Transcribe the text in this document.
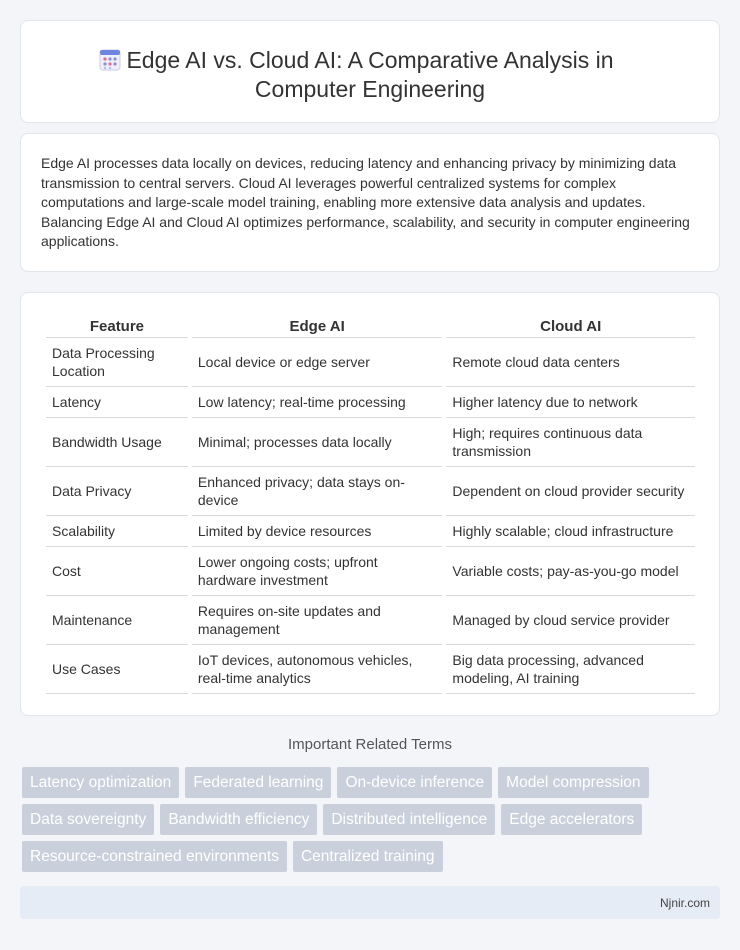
Edge AI vs. Cloud AI: A Comparative Analysis in
Computer Engineering

Edge AI processes data locally on devices, reducing latency and enhancing privacy by minimizing data transmission to central servers. Cloud AI leverages powerful centralized systems for complex computations and large-scale model training, enabling more extensive data analysis and updates. Balancing Edge AI and Cloud AI optimizes performance, scalability, and security in computer engineering applications.

Feature	Edge AI	Cloud AI
Data Processing Location	Local device or edge server	Remote cloud data centers
Latency	Low latency; real-time processing	Higher latency due to network
Bandwidth Usage	Minimal; processes data locally	High; requires continuous data transmission
Data Privacy	Enhanced privacy; data stays on-device	Dependent on cloud provider security
Scalability	Limited by device resources	Highly scalable; cloud infrastructure
Cost	Lower ongoing costs; upfront hardware investment	Variable costs; pay-as-you-go model
Maintenance	Requires on-site updates and management	Managed by cloud service provider
Use Cases	IoT devices, autonomous vehicles, real-time analytics	Big data processing, advanced modeling, AI training
Important Related Terms
Latency optimization	Federated learning	On-device inference	Model compression
Data sovereignty	Bandwidth efficiency	Distributed intelligence	Edge accelerators
Resource-constrained environments	Centralized training
Njnir.com
